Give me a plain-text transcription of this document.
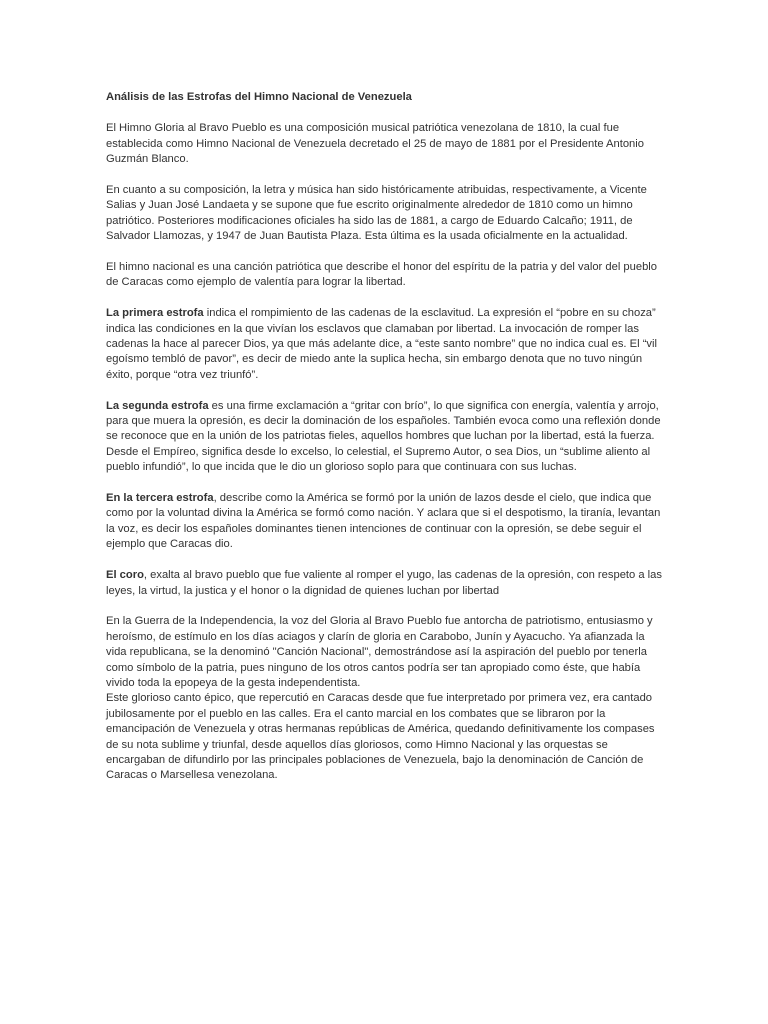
Análisis de las Estrofas del Himno Nacional de Venezuela

El Himno Gloria al Bravo Pueblo es una composición musical patriótica venezolana de 1810, la cual fue establecida como Himno Nacional de Venezuela decretado el 25 de mayo de 1881 por el Presidente Antonio Guzmán Blanco.

En cuanto a su composición, la letra y música han sido históricamente atribuidas, respectivamente, a Vicente Salias y Juan José Landaeta y se supone que fue escrito originalmente alrededor de 1810 como un himno patriótico. Posteriores modificaciones oficiales ha sido las de 1881, a cargo de Eduardo Calcaño; 1911, de Salvador Llamozas, y 1947 de Juan Bautista Plaza. Esta última es la usada oficialmente en la actualidad.

El himno nacional es una canción patriótica que describe el honor del espíritu de la patria y del valor del pueblo de Caracas como ejemplo de valentía para lograr la libertad.

La primera estrofa indica el rompimiento de las cadenas de la esclavitud. La expresión el “pobre en su choza” indica las condiciones en la que vivían los esclavos que clamaban por libertad. La invocación de romper las cadenas la hace al parecer Dios, ya que más adelante dice, a “este santo nombre” que no indica cual es. El “vil egoísmo tembló de pavor”, es decir de miedo ante la suplica hecha, sin embargo denota que no tuvo ningún éxito, porque “otra vez triunfó”.

La segunda estrofa es una firme exclamación a “gritar con brío”, lo que significa con energía, valentía y arrojo, para que muera la opresión, es decir la dominación de los españoles. También evoca como una reflexión donde se reconoce que en la unión de los patriotas fieles, aquellos hombres que luchan por la libertad, está la fuerza. Desde el Empíreo, significa desde lo excelso, lo celestial, el Supremo Autor, o sea Dios, un “sublime aliento al pueblo infundió”, lo que incida que le dio un glorioso soplo para que continuara con sus luchas.

En la tercera estrofa, describe como la América se formó por la unión de lazos desde el cielo, que indica que como por la voluntad divina la América se formó como nación. Y aclara que si el despotismo, la tiranía, levantan la voz, es decir los españoles dominantes tienen intenciones de continuar con la opresión, se debe seguir el ejemplo que Caracas dio.

El coro, exalta al bravo pueblo que fue valiente al romper el yugo, las cadenas de la opresión, con respeto a las leyes, la virtud, la justica y el honor o la dignidad de quienes luchan por libertad

En la Guerra de la Independencia, la voz del Gloria al Bravo Pueblo fue antorcha de patriotismo, entusiasmo y heroísmo, de estímulo en los días aciagos y clarín de gloria en Carabobo, Junín y Ayacucho. Ya afianzada la vida republicana, se la denominó "Canción Nacional", demostrándose así la aspiración del pueblo por tenerla como símbolo de la patria, pues ninguno de los otros cantos podría ser tan apropiado como éste, que había vivido toda la epopeya de la gesta independentista.

Este glorioso canto épico, que repercutió en Caracas desde que fue interpretado por primera vez, era cantado jubilosamente por el pueblo en las calles. Era el canto marcial en los combates que se libraron por la emancipación de Venezuela y otras hermanas repúblicas de América, quedando definitivamente los compases de su nota sublime y triunfal, desde aquellos días gloriosos, como Himno Nacional y las orquestas se encargaban de difundirlo por las principales poblaciones de Venezuela, bajo la denominación de Canción de Caracas o Marsellesa venezolana.
